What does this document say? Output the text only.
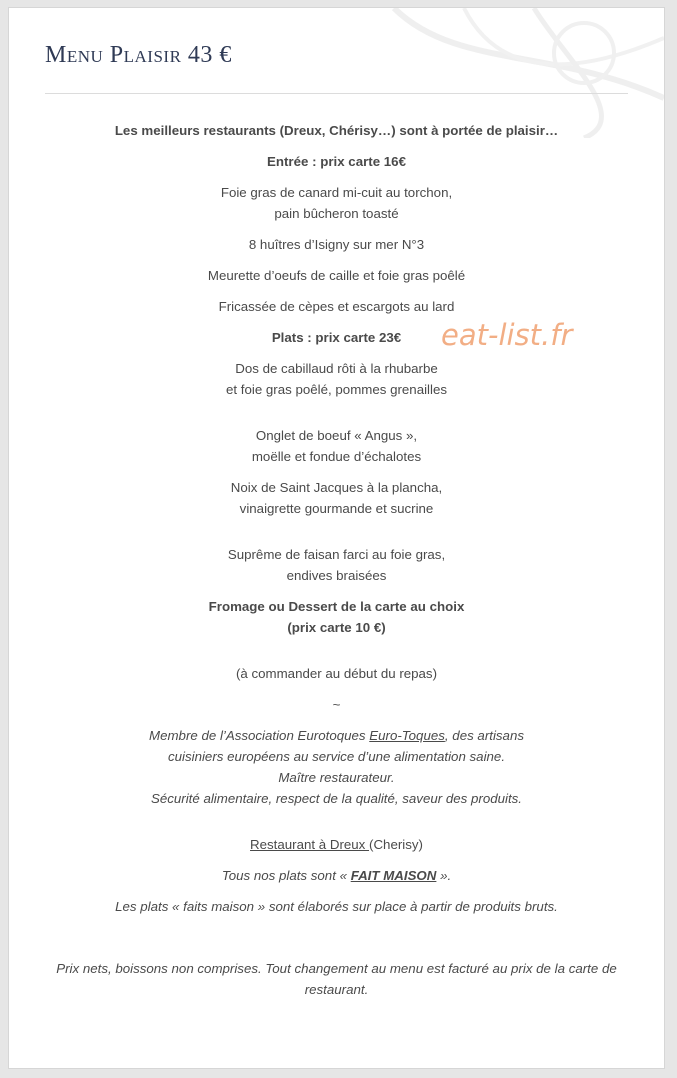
Menu Plaisir 43 €

Les meilleurs restaurants (Dreux, Chérisy…) sont à portée de plaisir…

Entrée : prix carte 16€

Foie gras de canard mi-cuit au torchon,

pain bûcheron toasté

8 huîtres d’Isigny sur mer N°3

Meurette d’oeufs de caille et foie gras poêlé

Fricassée de cèpes et escargots au lard

Plats : prix carte 23€

Dos de cabillaud rôti à la rhubarbe

et foie gras poêlé, pommes grenailles

Onglet de boeuf « Angus »,

moëlle et fondue d’échalotes

Noix de Saint Jacques à la plancha,

vinaigrette gourmande et sucrine

Suprême de faisan farci au foie gras,

endives braisées

Fromage ou Dessert de la carte au choix

(prix carte 10 €)

(à commander au début du repas)

~

Membre de l’Association Eurotoques Euro-Toques, des artisans

cuisiniers européens au service d’une alimentation saine.

Maître restaurateur.

Sécurité alimentaire, respect de la qualité, saveur des produits.

Restaurant à Dreux (Cherisy)

Tous nos plats sont « FAIT MAISON ».

Les plats « faits maison » sont élaborés sur place à partir de produits bruts.

Prix nets, boissons non comprises. Tout changement au menu est facturé au prix de la carte de

restaurant.

eat-list.fr
